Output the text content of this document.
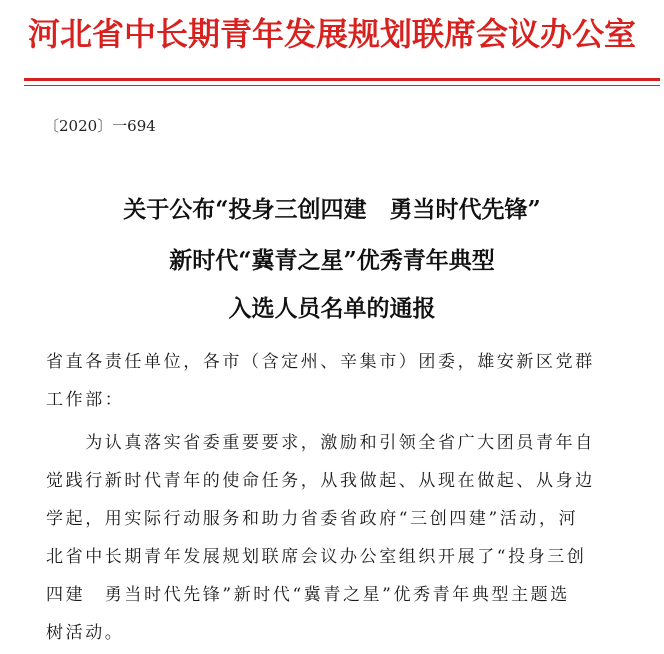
河北省中长期青年发展规划联席会议办公室
〔2020〕一694
关于公布“投身三创四建　勇当时代先锋”
新时代“冀青之星”优秀青年典型
入选人员名单的通报
省直各责任单位，各市（含定州、辛集市）团委，雄安新区党群
工作部：
　　为认真落实省委重要要求，激励和引领全省广大团员青年自
觉践行新时代青年的使命任务，从我做起、从现在做起、从身边
学起，用实际行动服务和助力省委省政府“三创四建”活动，河
北省中长期青年发展规划联席会议办公室组织开展了“投身三创
四建　勇当时代先锋”新时代“冀青之星”优秀青年典型主题选
树活动。
